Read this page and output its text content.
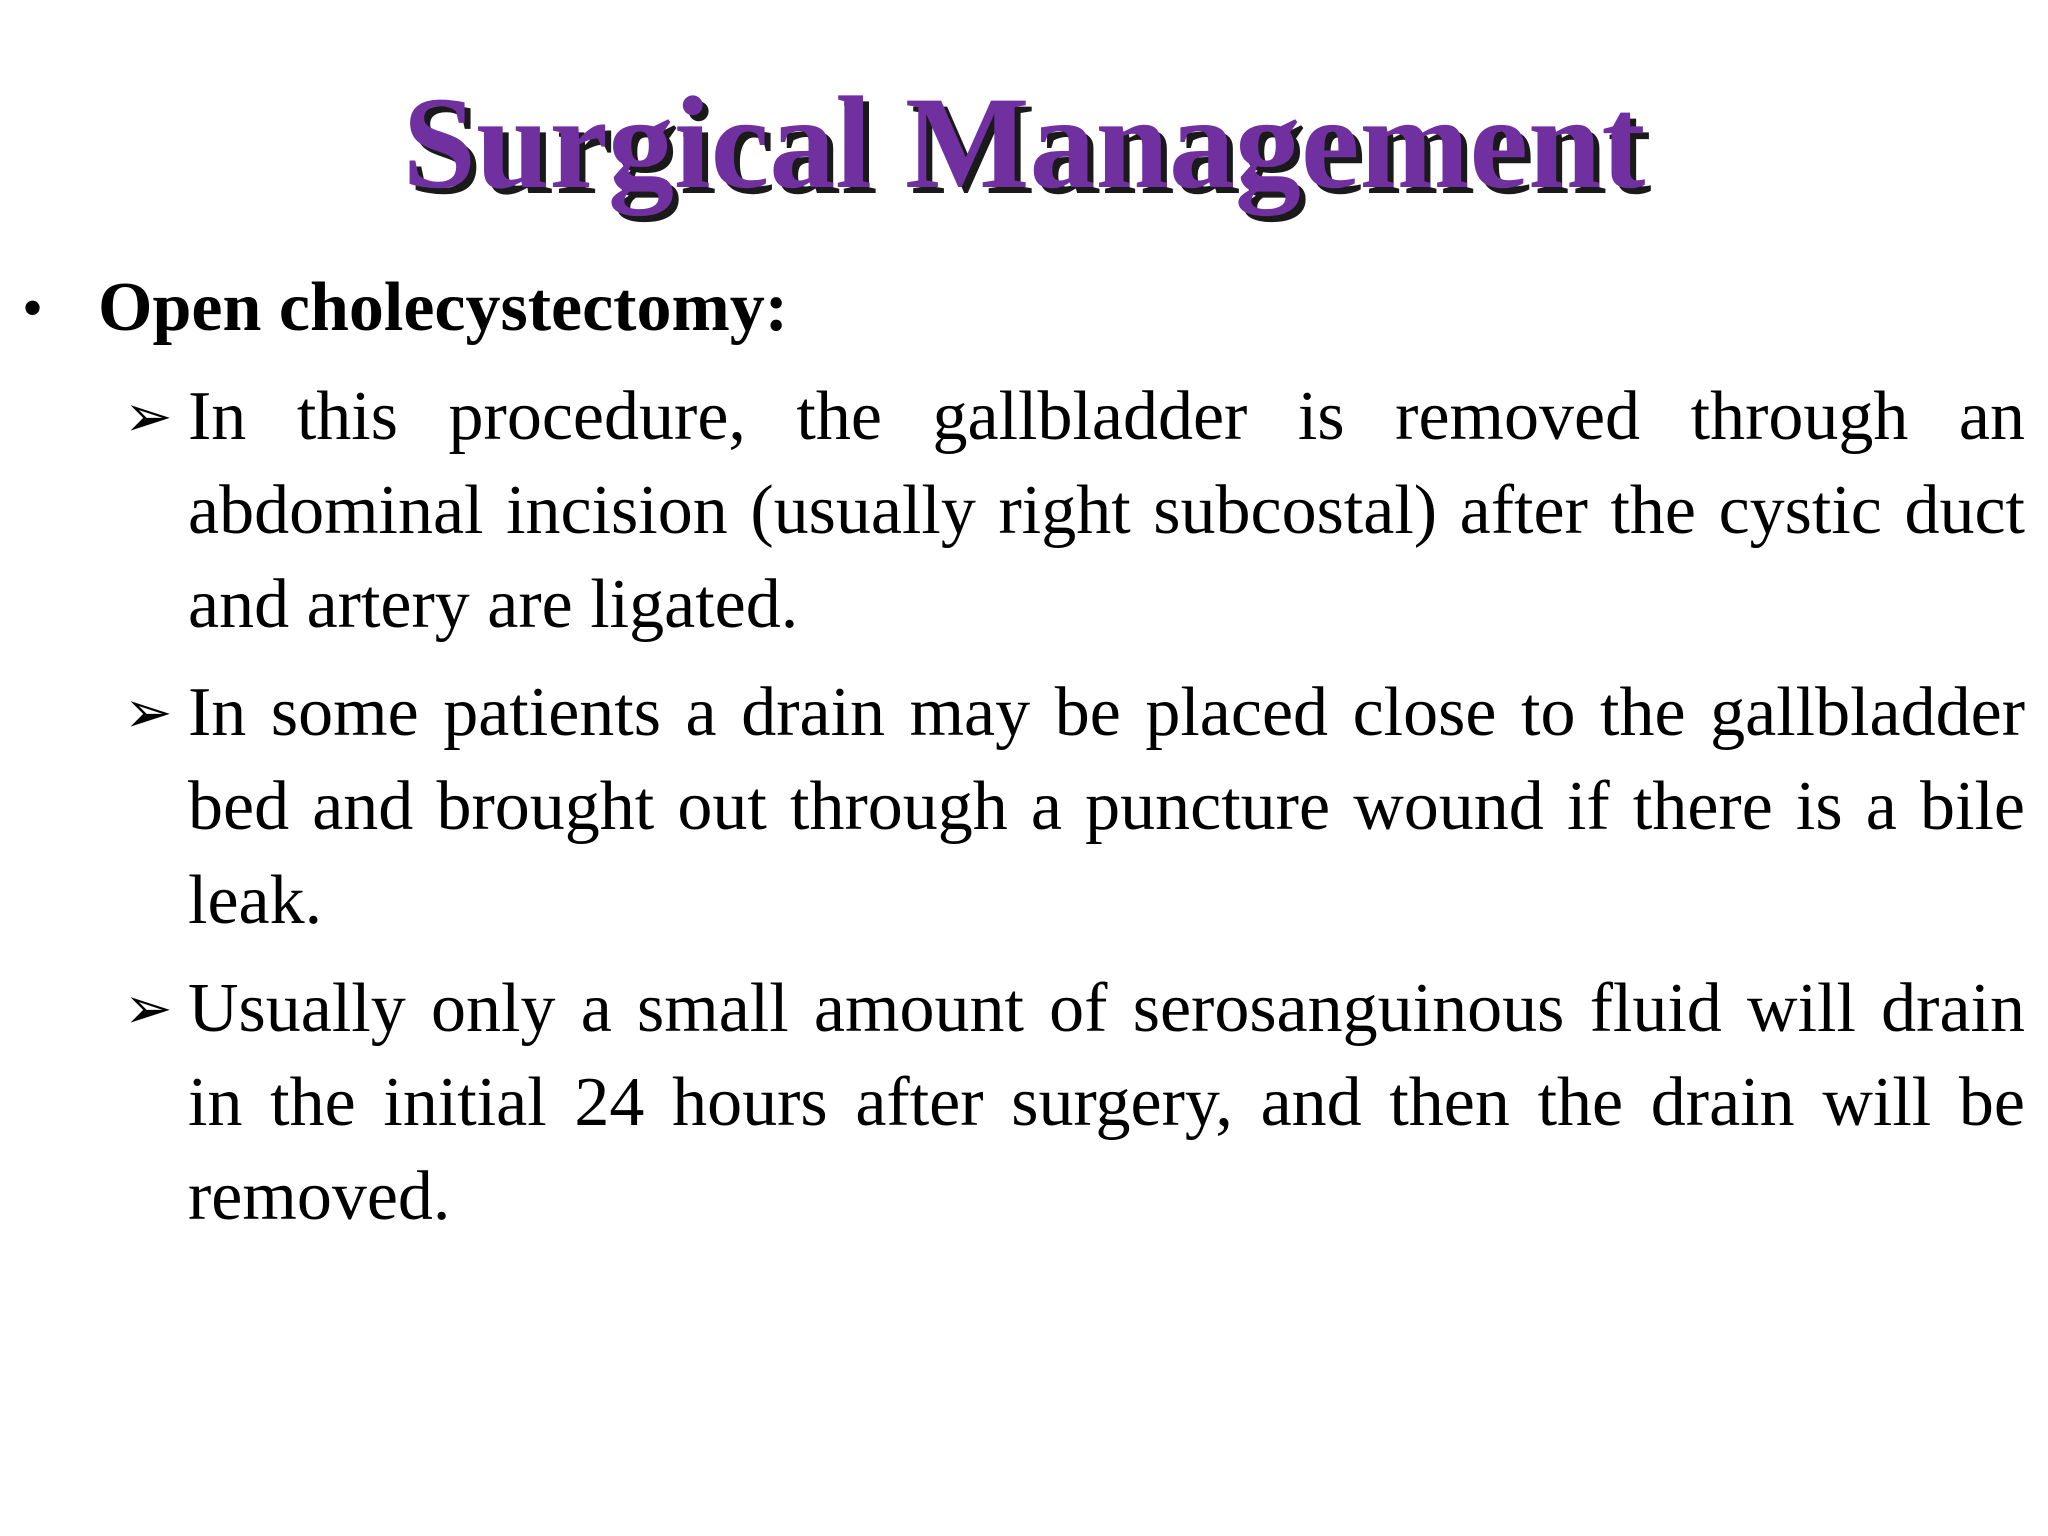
Surgical Management
• Open cholecystectomy:
➢ In this procedure, the gallbladder is removed through an abdominal incision (usually right subcostal) after the cystic duct and artery are ligated.
➢ In some patients a drain may be placed close to the gallbladder bed and brought out through a puncture wound if there is a bile leak.
➢ Usually only a small amount of serosanguinous fluid will drain in the initial 24 hours after surgery, and then the drain will be removed.
